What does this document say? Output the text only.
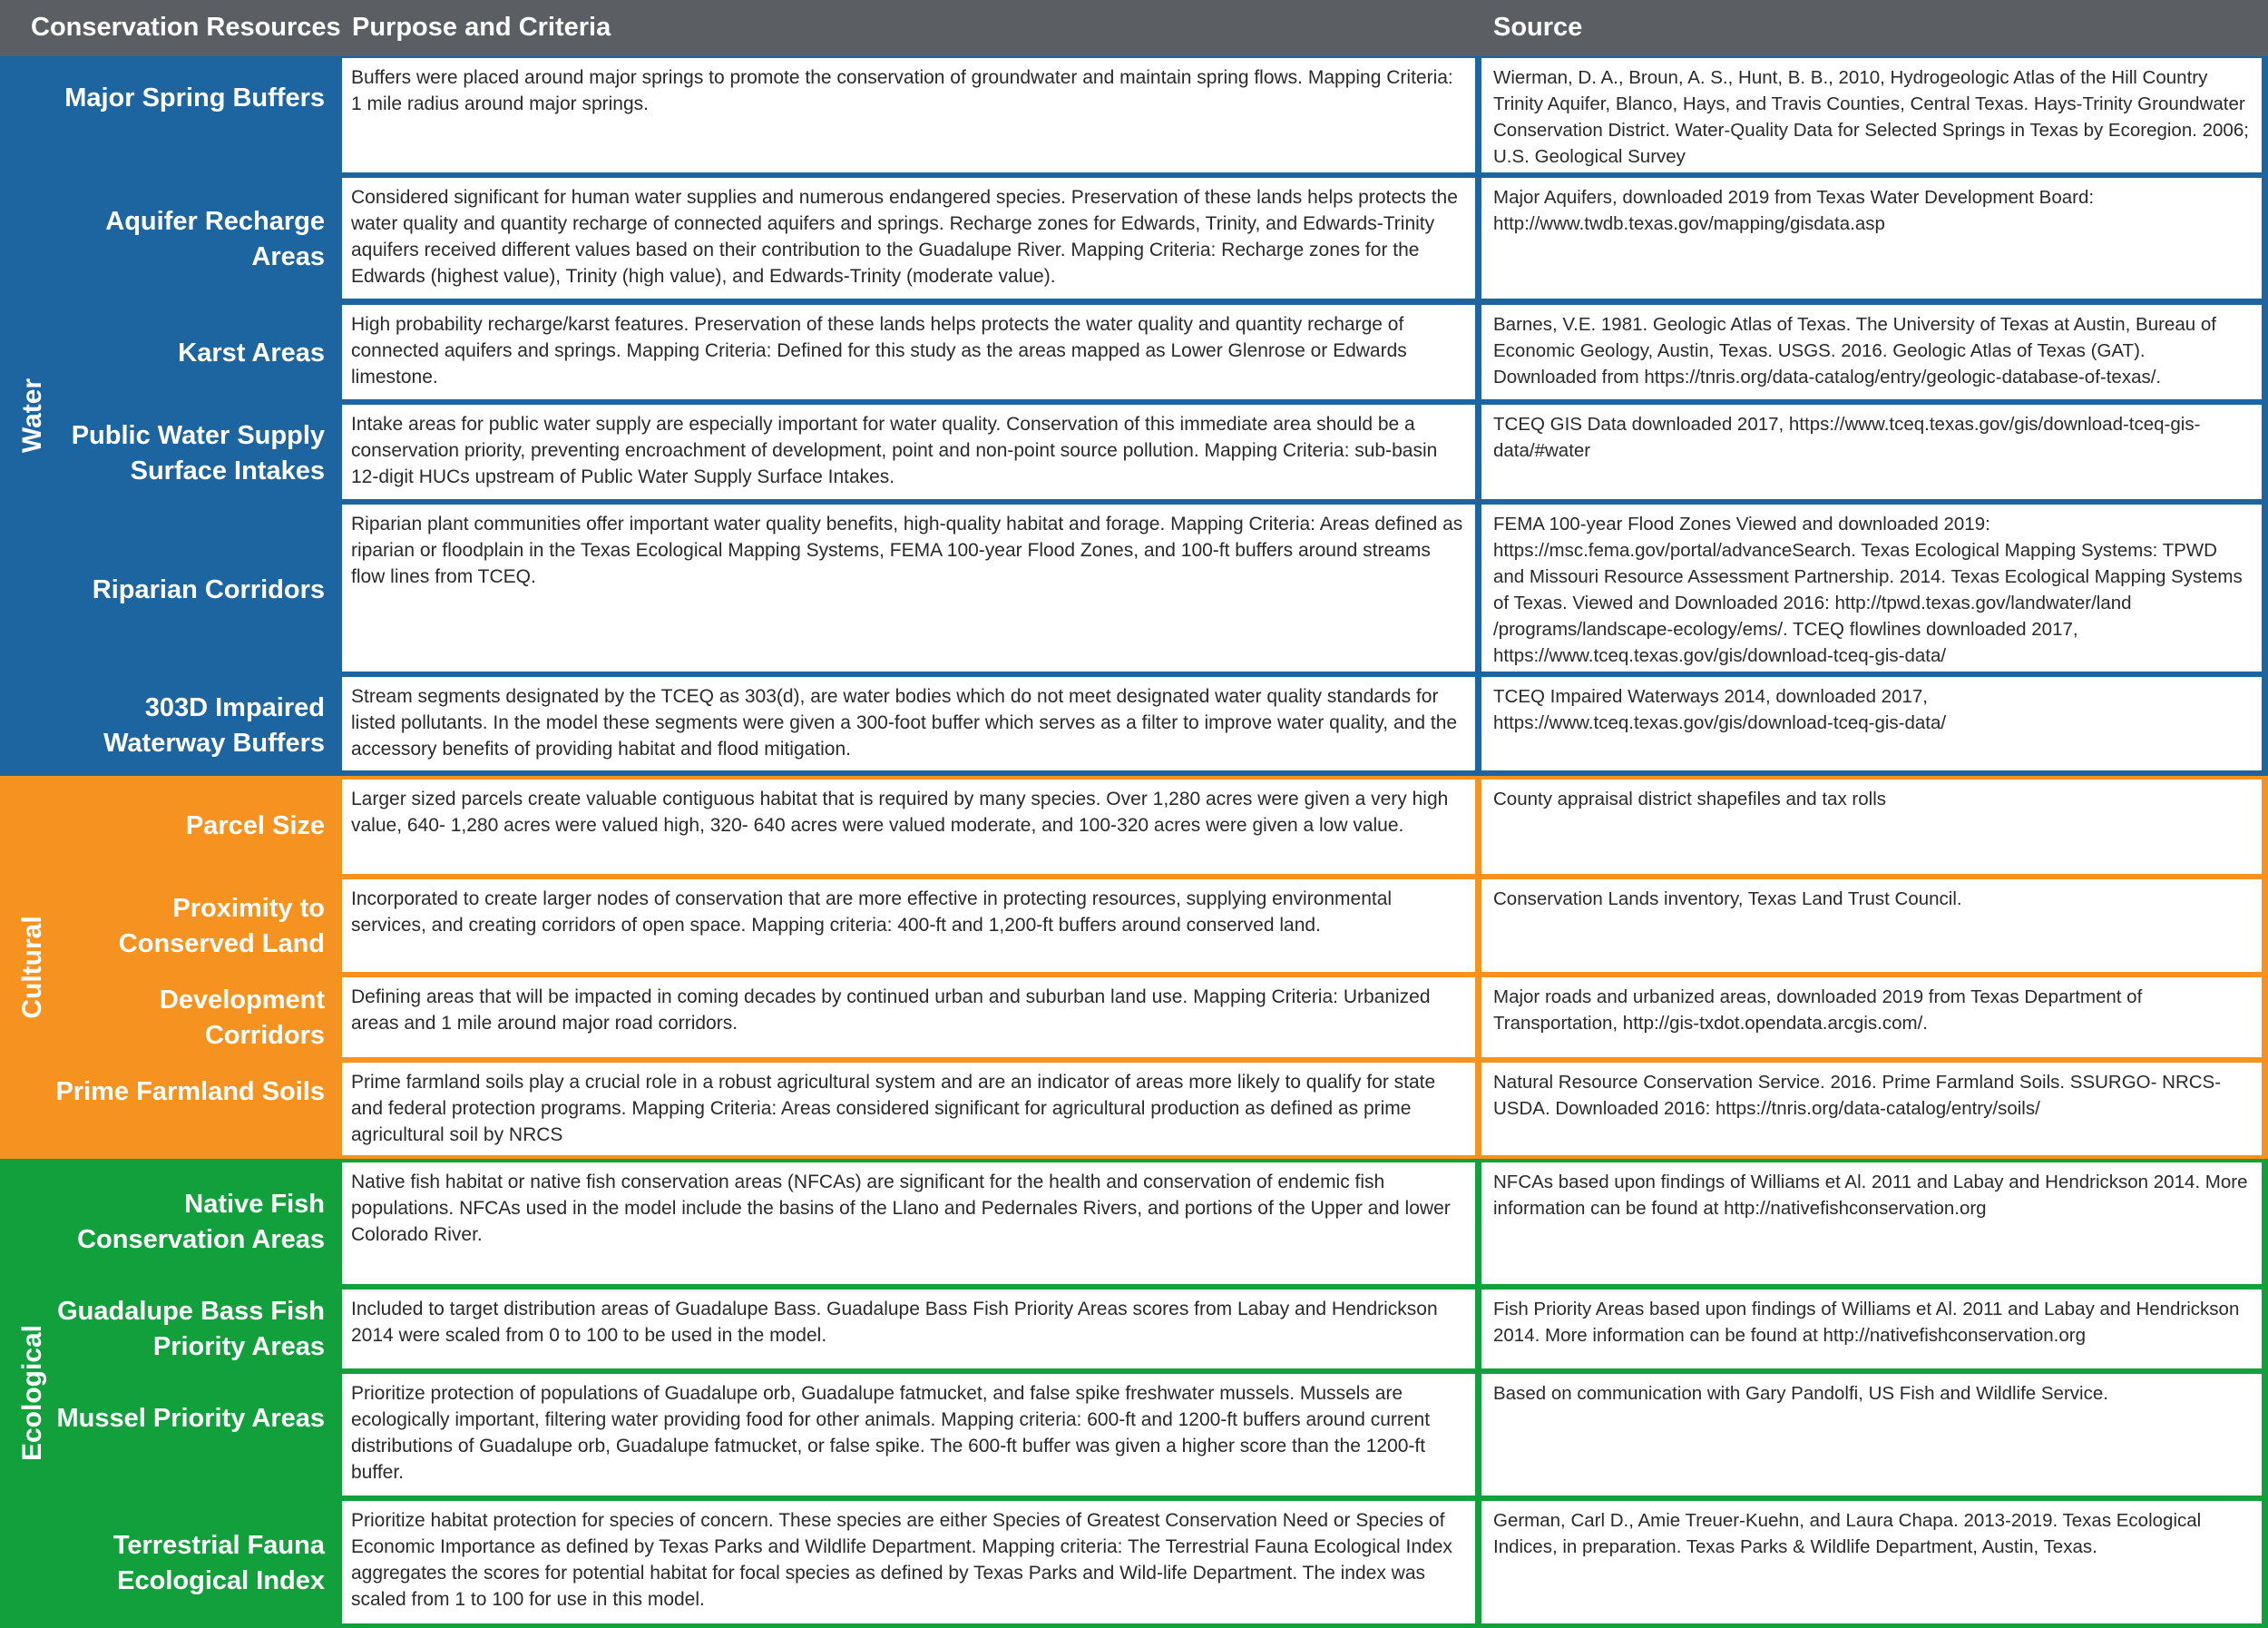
Conservation Resources Purpose and Criteria	Source
Water
Cultural
Ecological
Major Spring Buffers
Buffers were placed around major springs to promote the conservation of groundwater and maintain spring flows. Mapping Criteria: 1 mile radius around major springs.
Wierman, D. A., Broun, A. S., Hunt, B. B., 2010, Hydrogeologic Atlas of the Hill Country Trinity Aquifer, Blanco, Hays, and Travis Counties, Central Texas. Hays-Trinity Groundwater Conservation District. Water-Quality Data for Selected Springs in Texas by Ecoregion. 2006; U.S. Geological Survey
Aquifer Recharge Areas
Considered significant for human water supplies and numerous endangered species. Preservation of these lands helps protects the water quality and quantity recharge of connected aquifers and springs. Recharge zones for Edwards, Trinity, and Edwards-Trinity aquifers received different values based on their contribution to the Guadalupe River. Mapping Criteria: Recharge zones for the Edwards (highest value), Trinity (high value), and Edwards-Trinity (moderate value).
Major Aquifers, downloaded 2019 from Texas Water Development Board: http://www.twdb.texas.gov/mapping/gisdata.asp
Karst Areas
High probability recharge/karst features. Preservation of these lands helps protects the water quality and quantity recharge of connected aquifers and springs. Mapping Criteria: Defined for this study as the areas mapped as Lower Glenrose or Edwards limestone.
Barnes, V.E. 1981. Geologic Atlas of Texas. The University of Texas at Austin, Bureau of Economic Geology, Austin, Texas. USGS. 2016. Geologic Atlas of Texas (GAT). Downloaded from https://tnris.org/data-catalog/entry/geologic-database-of-texas/.
Public Water Supply Surface Intakes
Intake areas for public water supply are especially important for water quality. Conservation of this immediate area should be a conservation priority, preventing encroachment of development, point and non-point source pollution. Mapping Criteria: sub-basin 12-digit HUCs upstream of Public Water Supply Surface Intakes.
TCEQ GIS Data downloaded 2017, https://www.tceq.texas.gov/gis/download-tceq-gis-data/#water
Riparian Corridors
Riparian plant communities offer important water quality benefits, high-quality habitat and forage. Mapping Criteria: Areas defined as riparian or floodplain in the Texas Ecological Mapping Systems, FEMA 100-year Flood Zones, and 100-ft buffers around streams flow lines from TCEQ.
FEMA 100-year Flood Zones Viewed and downloaded 2019: https://msc.fema.gov/portal/advanceSearch. Texas Ecological Mapping Systems: TPWD and Missouri Resource Assessment Partnership. 2014. Texas Ecological Mapping Systems of Texas. Viewed and Downloaded 2016: http://tpwd.texas.gov/landwater/land /programs/landscape-ecology/ems/. TCEQ flowlines downloaded 2017, https://www.tceq.texas.gov/gis/download-tceq-gis-data/
303D Impaired Waterway Buffers
Stream segments designated by the TCEQ as 303(d), are water bodies which do not meet designated water quality standards for listed pollutants. In the model these segments were given a 300-foot buffer which serves as a filter to improve water quality, and the accessory benefits of providing habitat and flood mitigation.
TCEQ Impaired Waterways 2014, downloaded 2017, https://www.tceq.texas.gov/gis/download-tceq-gis-data/
Parcel Size
Larger sized parcels create valuable contiguous habitat that is required by many species. Over 1,280 acres were given a very high value, 640- 1,280 acres were valued high, 320- 640 acres were valued moderate, and 100-320 acres were given a low value.
County appraisal district shapefiles and tax rolls
Proximity to Conserved Land
Incorporated to create larger nodes of conservation that are more effective in protecting resources, supplying environmental services, and creating corridors of open space. Mapping criteria: 400-ft and 1,200-ft buffers around conserved land.
Conservation Lands inventory, Texas Land Trust Council.
Development Corridors
Defining areas that will be impacted in coming decades by continued urban and suburban land use. Mapping Criteria: Urbanized areas and 1 mile around major road corridors.
Major roads and urbanized areas, downloaded 2019 from Texas Department of Transportation, http://gis-txdot.opendata.arcgis.com/.
Prime Farmland Soils	Prime farmland soils play a crucial role in a robust agricultural system and are an indicator of areas more likely to qualify for state and federal protection programs. Mapping Criteria: Areas considered significant for agricultural production as defined as prime agricultural soil by NRCS
Natural Resource Conservation Service. 2016. Prime Farmland Soils. SSURGO- NRCS-USDA. Downloaded 2016: https://tnris.org/data-catalog/entry/soils/
Native Fish Conservation Areas
Native fish habitat or native fish conservation areas (NFCAs) are significant for the health and conservation of endemic fish populations. NFCAs used in the model include the basins of the Llano and Pedernales Rivers, and portions of the Upper and lower Colorado River.
NFCAs based upon findings of Williams et Al. 2011 and Labay and Hendrickson 2014. More information can be found at http://nativefishconservation.org
Guadalupe Bass Fish Priority Areas
Included to target distribution areas of Guadalupe Bass. Guadalupe Bass Fish Priority Areas scores from Labay and Hendrickson 2014 were scaled from 0 to 100 to be used in the model.
Fish Priority Areas based upon findings of Williams et Al. 2011 and Labay and Hendrickson 2014. More information can be found at http://nativefishconservation.org
Mussel Priority Areas
Prioritize protection of populations of Guadalupe orb, Guadalupe fatmucket, and false spike freshwater mussels. Mussels are ecologically important, filtering water providing food for other animals. Mapping criteria: 600-ft and 1200-ft buffers around current distributions of Guadalupe orb, Guadalupe fatmucket, or false spike. The 600-ft buffer was given a higher score than the 1200-ft buffer.
Based on communication with Gary Pandolfi, US Fish and Wildlife Service.
Terrestrial Fauna Ecological Index
Prioritize habitat protection for species of concern. These species are either Species of Greatest Conservation Need or Species of Economic Importance as defined by Texas Parks and Wildlife Department. Mapping criteria: The Terrestrial Fauna Ecological Index aggregates the scores for potential habitat for focal species as defined by Texas Parks and Wild-life Department. The index was scaled from 1 to 100 for use in this model.
German, Carl D., Amie Treuer-Kuehn, and Laura Chapa. 2013-2019. Texas Ecological Indices, in preparation. Texas Parks & Wildlife Department, Austin, Texas.
